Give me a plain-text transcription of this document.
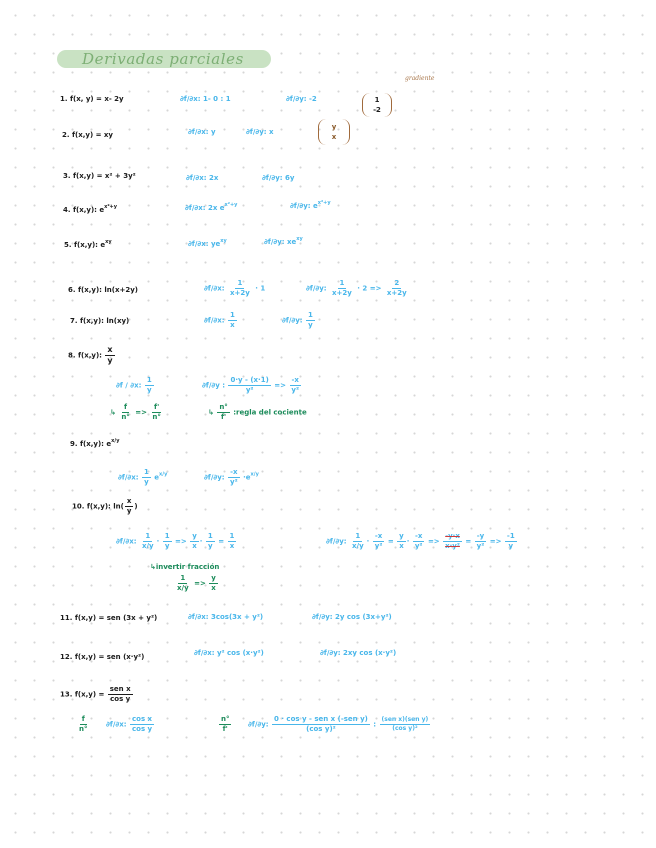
Derivadas parciales
gradiente
1. f(x, y) = x- 2y	∂f/∂x: 1- 0 : 1	∂f/∂y: -2	1
-2
2. f(x,y) = xy	∂f/∂x: y	∂f/∂y: x
y
x
3. f(x,y) = x² + 3y²	∂f/∂x: 2x	∂f/∂y: 6y
4. f(x,y): $e^{x^2+y}$	∂f/∂x: 2x $e^{x^2+y}$	∂f/∂y: $e^{x^2+y}$
5. f(x,y): $e^{xy}$	∂f/∂x: $ye^{xy}$	∂f/∂y: $xe^{xy}$
6. f(x,y): ln(x+2y)	∂f/∂x: $\frac{1}{x+2y} \cdot 1$	∂f/∂y: $\frac{1}{x+2y} \cdot 2 => \frac{2}{x+2y}$
7. f(x,y): ln(xy)	∂f/∂x: $\frac{1}{x}$	∂f/∂y: $\frac{1}{y}$
8. f(x,y): $\frac{x}{y}$
∂f / ∂x: $\frac{1}{y}$	∂f/∂y : $\frac{0\cdot y - (x\cdot 1)}{\text{y²}} => \frac{-x}{\text{y²}}$
↳ $\frac{f}{n^\circ} => \frac{f'}{n^\circ}$	↳ $\frac{n^\circ}{f'}$ :regla del cociente
9. f(x,y): $e^{x/y}$
∂f/∂x: $\frac{1}{y} e^{x/y}$	∂f/∂y: $\frac{-x}{\text{y²}} \cdot e^{x/y}$
10. f(x,y): $\ln( \frac{x}{y}$ )
∂f/∂x: $\frac{1}{x/y} \cdot \frac{1}{y} => \frac{y}{x} \cdot \frac{1}{y} = \frac{1}{x}$	∂f/∂y: $\frac{1}{x/y} \cdot \frac{-x}{\text{y²}} = \frac{y}{x} \cdot \frac{-x}{\text{y²}} => \frac{-y\cdot x}{\text{x·y²}} = \frac{-y}{\text{y²}} => \frac{-1}{y}$
↳invertir fracción
$\frac{1}{x/y} => \frac{y}{x}$
11. f(x,y) = sen (3x + y²)	∂f/∂x: 3cos(3x + y²)	∂f/∂y: 2y cos (3x+y²)
12. f(x,y) = sen (x·y²)	∂f/∂x: y² cos (x·y²)	∂f/∂y: 2xy cos (x·y²)
13. $f(x,y) = \frac{\text{sen x}}{\text{cos y}}$
$\frac{f}{n^\circ} \partial f/\partial x$: $\frac{\text{cos x}}{\text{cos y}}$	$\frac{n^\circ}{f'} \partial f/\partial y$: $\frac{\text{0 · cos y - sen x (-sen y)}}{\text{(cos y)²}}$ : $\frac{\text{(sen x)(sen y)}}{\text{(cos y)²}}$
